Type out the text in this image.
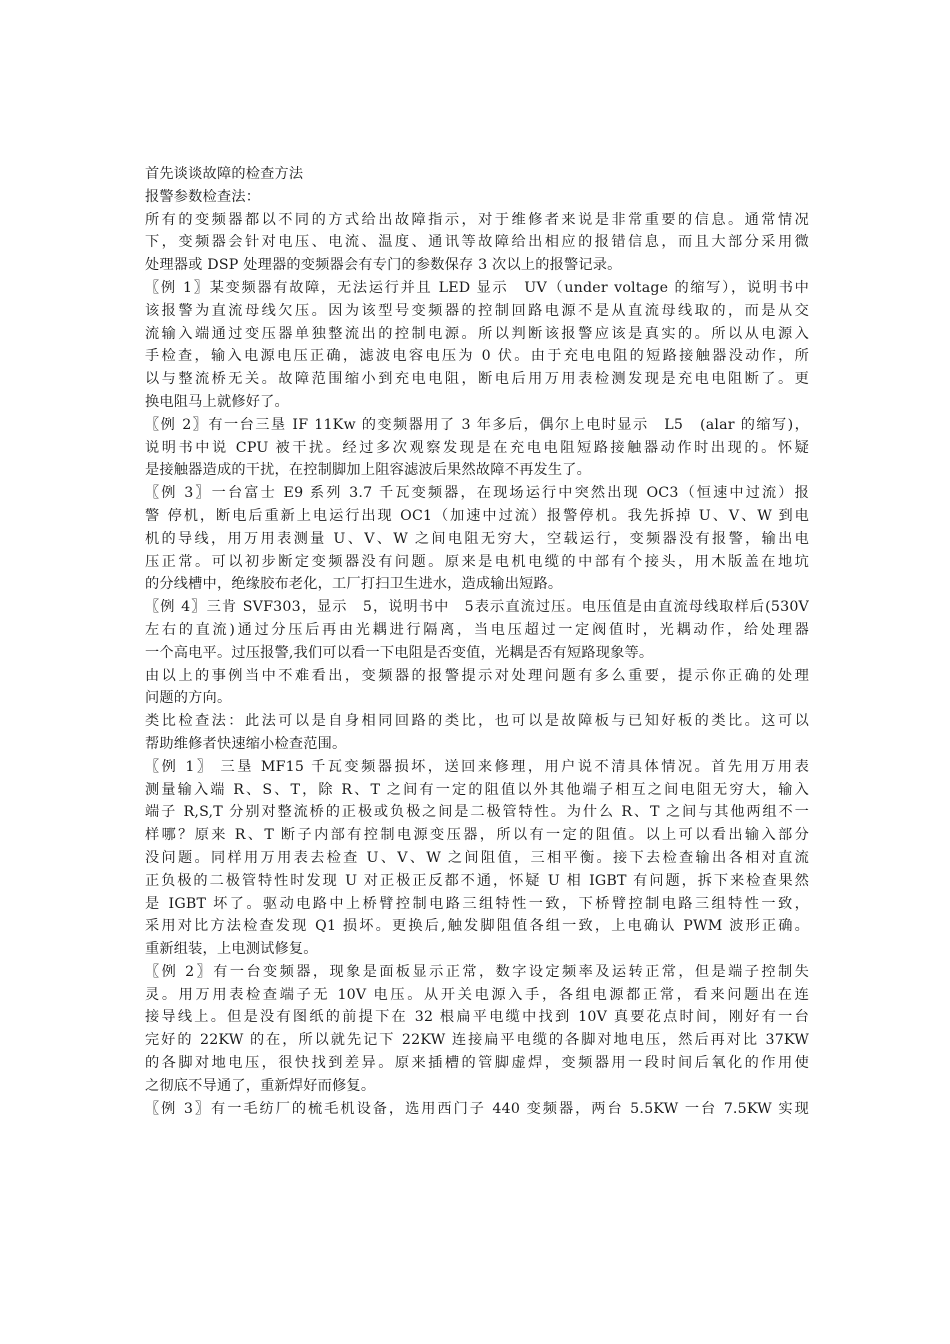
首先谈谈故障的检查方法
报警参数检查法：
所有的变频器都以不同的方式给出故障指示，对于维修者来说是非常重要的信息。通常情况
下，变频器会针对电压、电流、温度、通讯等故障给出相应的报错信息，而且大部分采用微
处理器或 DSP 处理器的变频器会有专门的参数保存 3 次以上的报警记录。
〖例 1〗某变频器有故障，无法运行并且 LED 显示　UV（under voltage 的缩写），说明书中
该报警为直流母线欠压。因为该型号变频器的控制回路电源不是从直流母线取的，而是从交
流输入端通过变压器单独整流出的控制电源。所以判断该报警应该是真实的。所以从电源入
手检查，输入电源电压正确，滤波电容电压为 0 伏。由于充电电阻的短路接触器没动作，所
以与整流桥无关。故障范围缩小到充电电阻，断电后用万用表检测发现是充电电阻断了。更
换电阻马上就修好了。
〖例 2〗有一台三垦 IF 11Kw 的变频器用了 3 年多后，偶尔上电时显示　L5　(alar 的缩写)，
说明书中说 CPU 被干扰。经过多次观察发现是在充电电阻短路接触器动作时出现的。怀疑
是接触器造成的干扰，在控制脚加上阻容滤波后果然故障不再发生了。
〖例 3〗一台富士 E9 系列 3.7 千瓦变频器，在现场运行中突然出现 OC3（恒速中过流）报
警 停机，断电后重新上电运行出现 OC1（加速中过流）报警停机。我先拆掉 U、V、W 到电
机的导线，用万用表测量 U、V、W 之间电阻无穷大，空载运行，变频器没有报警，输出电
压正常。可以初步断定变频器没有问题。原来是电机电缆的中部有个接头，用木版盖在地坑
的分线槽中，绝缘胶布老化，工厂打扫卫生进水，造成输出短路。
〖例 4〗三肯 SVF303，显示　5，说明书中　5表示直流过压。电压值是由直流母线取样后(530V
左右的直流)通过分压后再由光耦进行隔离，当电压超过一定阀值时，光耦动作，给处理器
一个高电平。过压报警,我们可以看一下电阻是否变值，光耦是否有短路现象等。
由以上的事例当中不难看出，变频器的报警提示对处理问题有多么重要，提示你正确的处理
问题的方向。
类比检查法：此法可以是自身相同回路的类比，也可以是故障板与已知好板的类比。这可以
帮助维修者快速缩小检查范围。
〖例 1〗 三垦 MF15 千瓦变频器损坏，送回来修理，用户说不清具体情况。首先用万用表
测量输入端 R、S、T，除 R、T 之间有一定的阻值以外其他端子相互之间电阻无穷大，输入
端子 R,S,T 分别对整流桥的正极或负极之间是二极管特性。为什么 R、T 之间与其他两组不一
样哪？原来 R、T 断子内部有控制电源变压器，所以有一定的阻值。以上可以看出输入部分
没问题。同样用万用表去检查 U、V、W 之间阻值，三相平衡。接下去检查输出各相对直流
正负极的二极管特性时发现 U 对正极正反都不通，怀疑 U 相 IGBT 有问题，拆下来检查果然
是 IGBT 坏了。驱动电路中上桥臂控制电路三组特性一致，下桥臂控制电路三组特性一致，
采用对比方法检查发现 Q1 损坏。更换后,触发脚阻值各组一致，上电确认 PWM 波形正确。
重新组装，上电测试修复。
〖例 2〗有一台变频器，现象是面板显示正常，数字设定频率及运转正常，但是端子控制失
灵。用万用表检查端子无 10V 电压。从开关电源入手，各组电源都正常，看来问题出在连
接导线上。但是没有图纸的前提下在 32 根扁平电缆中找到 10V 真要花点时间，刚好有一台
完好的 22KW 的在，所以就先记下 22KW 连接扁平电缆的各脚对地电压，然后再对比 37KW
的各脚对地电压，很快找到差异。原来插槽的管脚虚焊，变频器用一段时间后氧化的作用使
之彻底不导通了，重新焊好而修复。
〖例 3〗有一毛纺厂的梳毛机设备，选用西门子 440 变频器，两台 5.5KW 一台 7.5KW 实现
